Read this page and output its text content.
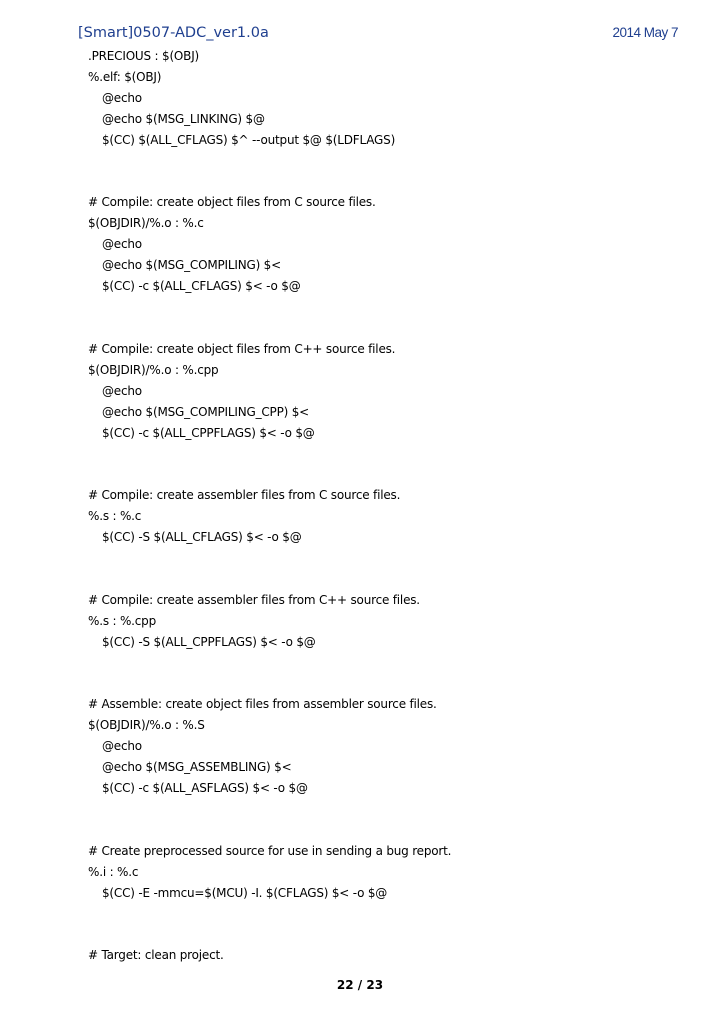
[Smart]0507-ADC_ver1.0a	2014 May 7
.PRECIOUS : $(OBJ)
%.elf: $(OBJ)
@echo
@echo $(MSG_LINKING) $@
$(CC) $(ALL_CFLAGS) $^ --output $@ $(LDFLAGS)
# Compile: create object files from C source files.
$(OBJDIR)/%.o : %.c
@echo
@echo $(MSG_COMPILING) $<
$(CC) -c $(ALL_CFLAGS) $< -o $@
# Compile: create object files from C++ source files.
$(OBJDIR)/%.o : %.cpp
@echo
@echo $(MSG_COMPILING_CPP) $<
$(CC) -c $(ALL_CPPFLAGS) $< -o $@
# Compile: create assembler files from C source files.
%.s : %.c
$(CC) -S $(ALL_CFLAGS) $< -o $@
# Compile: create assembler files from C++ source files.
%.s : %.cpp
$(CC) -S $(ALL_CPPFLAGS) $< -o $@
# Assemble: create object files from assembler source files.
$(OBJDIR)/%.o : %.S
@echo
@echo $(MSG_ASSEMBLING) $<
$(CC) -c $(ALL_ASFLAGS) $< -o $@
# Create preprocessed source for use in sending a bug report.
%.i : %.c
$(CC) -E -mmcu=$(MCU) -I. $(CFLAGS) $< -o $@
# Target: clean project.
22 / 23
